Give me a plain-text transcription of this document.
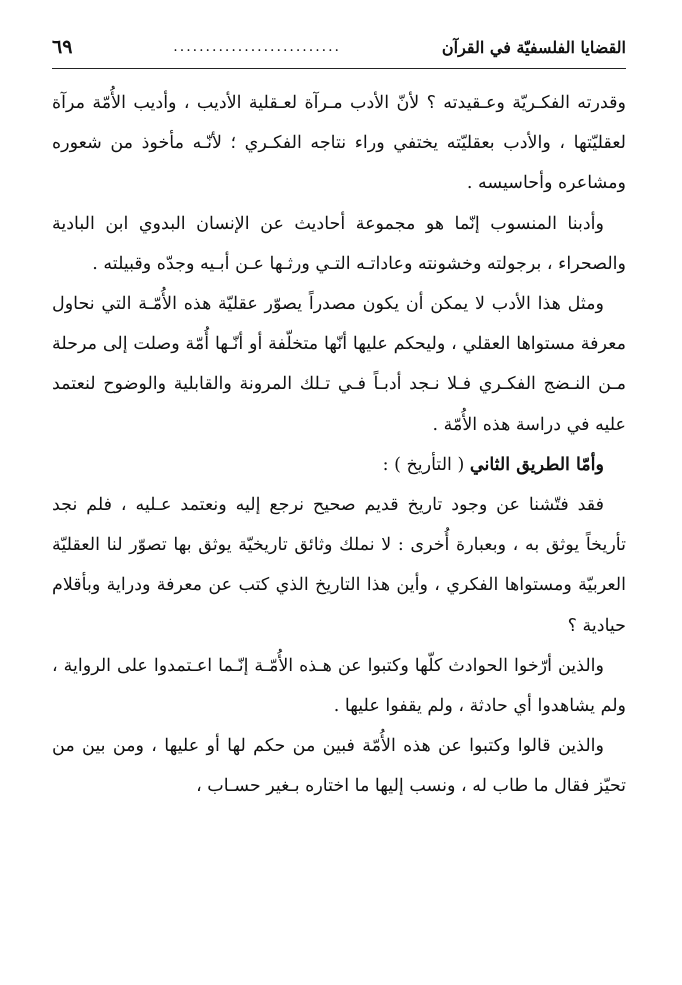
القضايا الفلسفيّة في القرآن
..........................
٦٩

وقدرته الفكـريّة وعـقيدته ؟ لأنّ الأدب مـرآة لعـقلية الأديب ، وأديب الأُمّة مرآة لعقليّتها ، والأدب بعقليّته يختفي وراء نتاجه الفكـري ؛ لأنّـه مأخوذ من شعوره ومشاعره وأحاسيسه .

وأدبنا المنسوب إنّما هو مجموعة أحاديث عن الإنسان البدوي ابن البادية والصحراء ، برجولته وخشونته وعاداتـه التـي ورثـها عـن أبـيه وجدّه وقبيلته .

ومثل هذا الأدب لا يمكن أن يكون مصدراً يصوّر عقليّة هذه الأُمّـة التي نحاول معرفة مستواها العقلي ، وليحكم عليها أنّها متخلّفة أو أنّـها أُمّة وصلت إلى مرحلة مـن النـضج الفكـري فـلا نـجد أدبـاً فـي تـلك المرونة والقابلية والوضوح لنعتمد عليه في دراسة هذه الأُمّة .

وأمّا الطريق الثاني ( التأريخ ) :

فقد فتّشنا عن وجود تاريخ قديم صحيح نرجع إليه ونعتمد عـليه ، فلم نجد تأريخاً يوثق به ، وبعبارة أُخرى : لا نملك وثائق تاريخيّة يوثق بها تصوّر لنا العقليّة العربيّة ومستواها الفكري ، وأين هذا التاريخ الذي كتب عن معرفة ودراية وبأقلام حيادية ؟

والذين أرّخوا الحوادث كلّها وكتبوا عن هـذه الأُمّـة إنّـما اعـتمدوا على الرواية ، ولم يشاهدوا أي حادثة ، ولم يقفوا عليها .

والذين قالوا وكتبوا عن هذه الأُمّة فبين من حكم لها أو عليها ، ومن بين من تحيّز فقال ما طاب له ، ونسب إليها ما اختاره بـغير حسـاب ،
